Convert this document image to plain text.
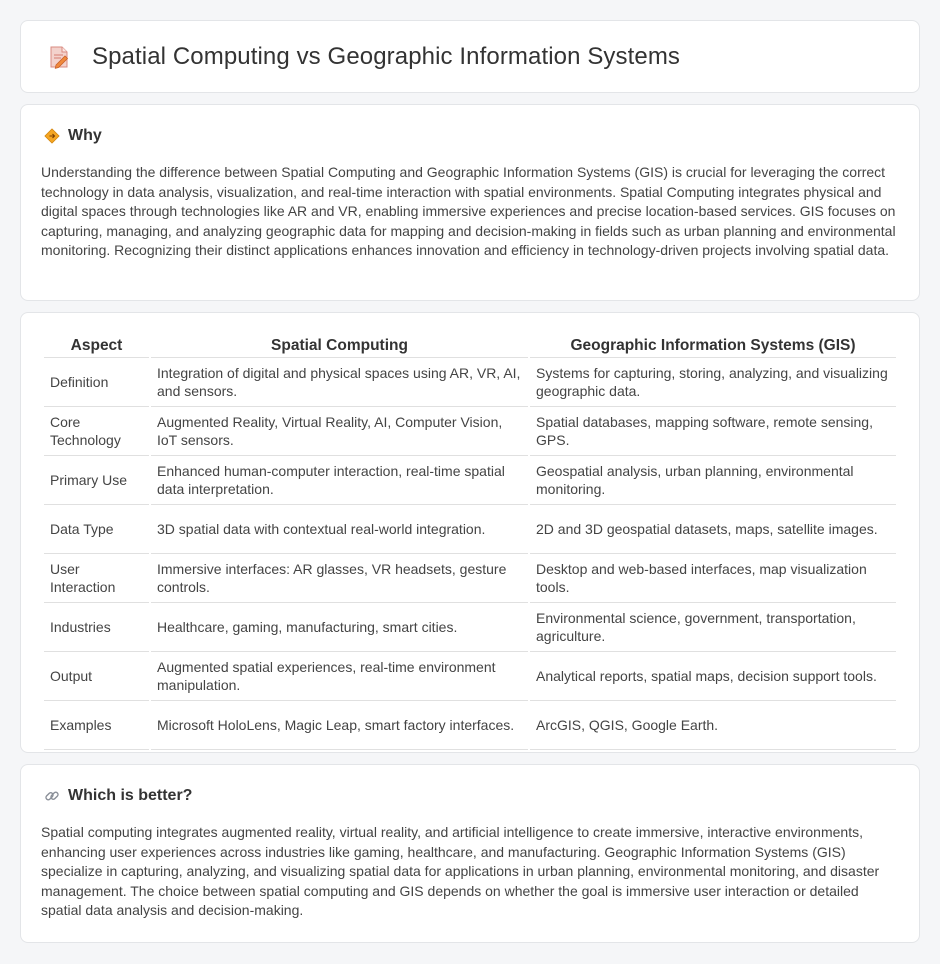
Spatial Computing vs Geographic Information Systems
Why

Understanding the difference between Spatial Computing and Geographic Information Systems (GIS) is crucial for leveraging the correct technology in data analysis, visualization, and real-time interaction with spatial environments. Spatial Computing integrates physical and digital spaces through technologies like AR and VR, enabling immersive experiences and precise location-based services. GIS focuses on capturing, managing, and analyzing geographic data for mapping and decision-making in fields such as urban planning and environmental monitoring. Recognizing their distinct applications enhances innovation and efficiency in technology-driven projects involving spatial data.

Aspect	Spatial Computing	Geographic Information Systems (GIS)
Definition	Integration of digital and physical spaces using AR, VR, AI, and sensors.	Systems for capturing, storing, analyzing, and visualizing geographic data.
Core Technology	Augmented Reality, Virtual Reality, AI, Computer Vision, IoT sensors.	Spatial databases, mapping software, remote sensing, GPS.
Primary Use	Enhanced human-computer interaction, real-time spatial data interpretation.	Geospatial analysis, urban planning, environmental monitoring.
Data Type	3D spatial data with contextual real-world integration.	2D and 3D geospatial datasets, maps, satellite images.
User Interaction	Immersive interfaces: AR glasses, VR headsets, gesture controls.	Desktop and web-based interfaces, map visualization tools.
Industries	Healthcare, gaming, manufacturing, smart cities.	Environmental science, government, transportation, agriculture.
Output	Augmented spatial experiences, real-time environment manipulation.	Analytical reports, spatial maps, decision support tools.
Examples	Microsoft HoloLens, Magic Leap, smart factory interfaces.	ArcGIS, QGIS, Google Earth.
Which is better?

Spatial computing integrates augmented reality, virtual reality, and artificial intelligence to create immersive, interactive environments, enhancing user experiences across industries like gaming, healthcare, and manufacturing. Geographic Information Systems (GIS) specialize in capturing, analyzing, and visualizing spatial data for applications in urban planning, environmental monitoring, and disaster management. The choice between spatial computing and GIS depends on whether the goal is immersive user interaction or detailed spatial data analysis and decision-making.
